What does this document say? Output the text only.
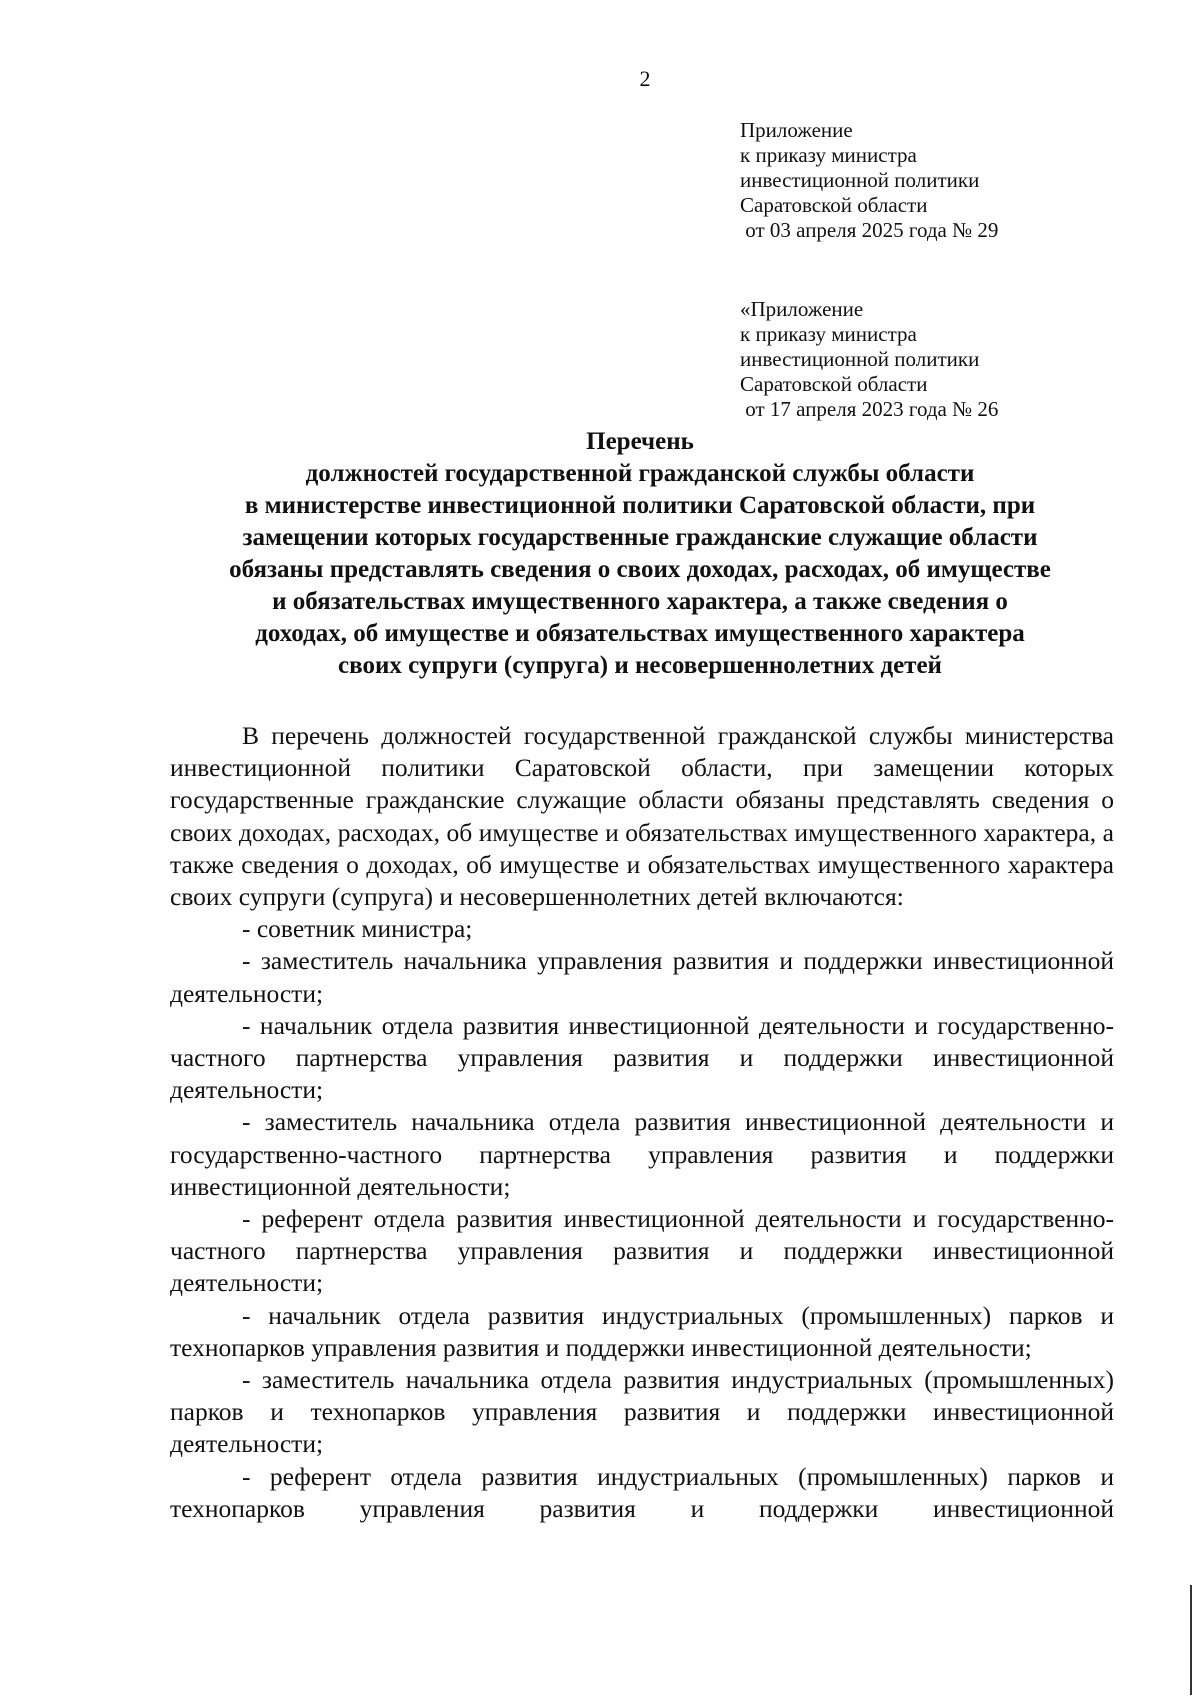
2
Приложение
к приказу министра
инвестиционной политики
Саратовской области
от 03 апреля 2025 года № 29
«Приложение
к приказу министра
инвестиционной политики
Саратовской области
от 17 апреля 2023 года № 26
Перечень
должностей государственной гражданской службы области
в министерстве инвестиционной политики Саратовской области, при
замещении которых государственные гражданские служащие области
обязаны представлять сведения о своих доходах, расходах, об имуществе
и обязательствах имущественного характера, а также сведения о
доходах, об имуществе и обязательствах имущественного характера
своих супруги (супруга) и несовершеннолетних детей

В перечень должностей государственной гражданской службы министерства инвестиционной политики Саратовской области, при замещении которых государственные гражданские служащие области обязаны представлять сведения о своих доходах, расходах, об имуществе и обязательствах имущественного характера, а также сведения о доходах, об имуществе и обязательствах имущественного характера своих супруги (супруга) и несовершеннолетних детей включаются:

- советник министра;

- заместитель начальника управления развития и поддержки инвестиционной деятельности;

- начальник отдела развития инвестиционной деятельности и государственно-частного партнерства управления развития и поддержки инвестиционной деятельности;

- заместитель начальника отдела развития инвестиционной деятельности и государственно-частного партнерства управления развития и поддержки инвестиционной деятельности;

- референт отдела развития инвестиционной деятельности и государственно-частного партнерства управления развития и поддержки инвестиционной деятельности;

- начальник отдела развития индустриальных (промышленных) парков и технопарков управления развития и поддержки инвестиционной деятельности;

- заместитель начальника отдела развития индустриальных (промышленных) парков и технопарков управления развития и поддержки инвестиционной деятельности;

- референт отдела развития индустриальных (промышленных) парков и технопарков управления развития и поддержки инвестиционной
